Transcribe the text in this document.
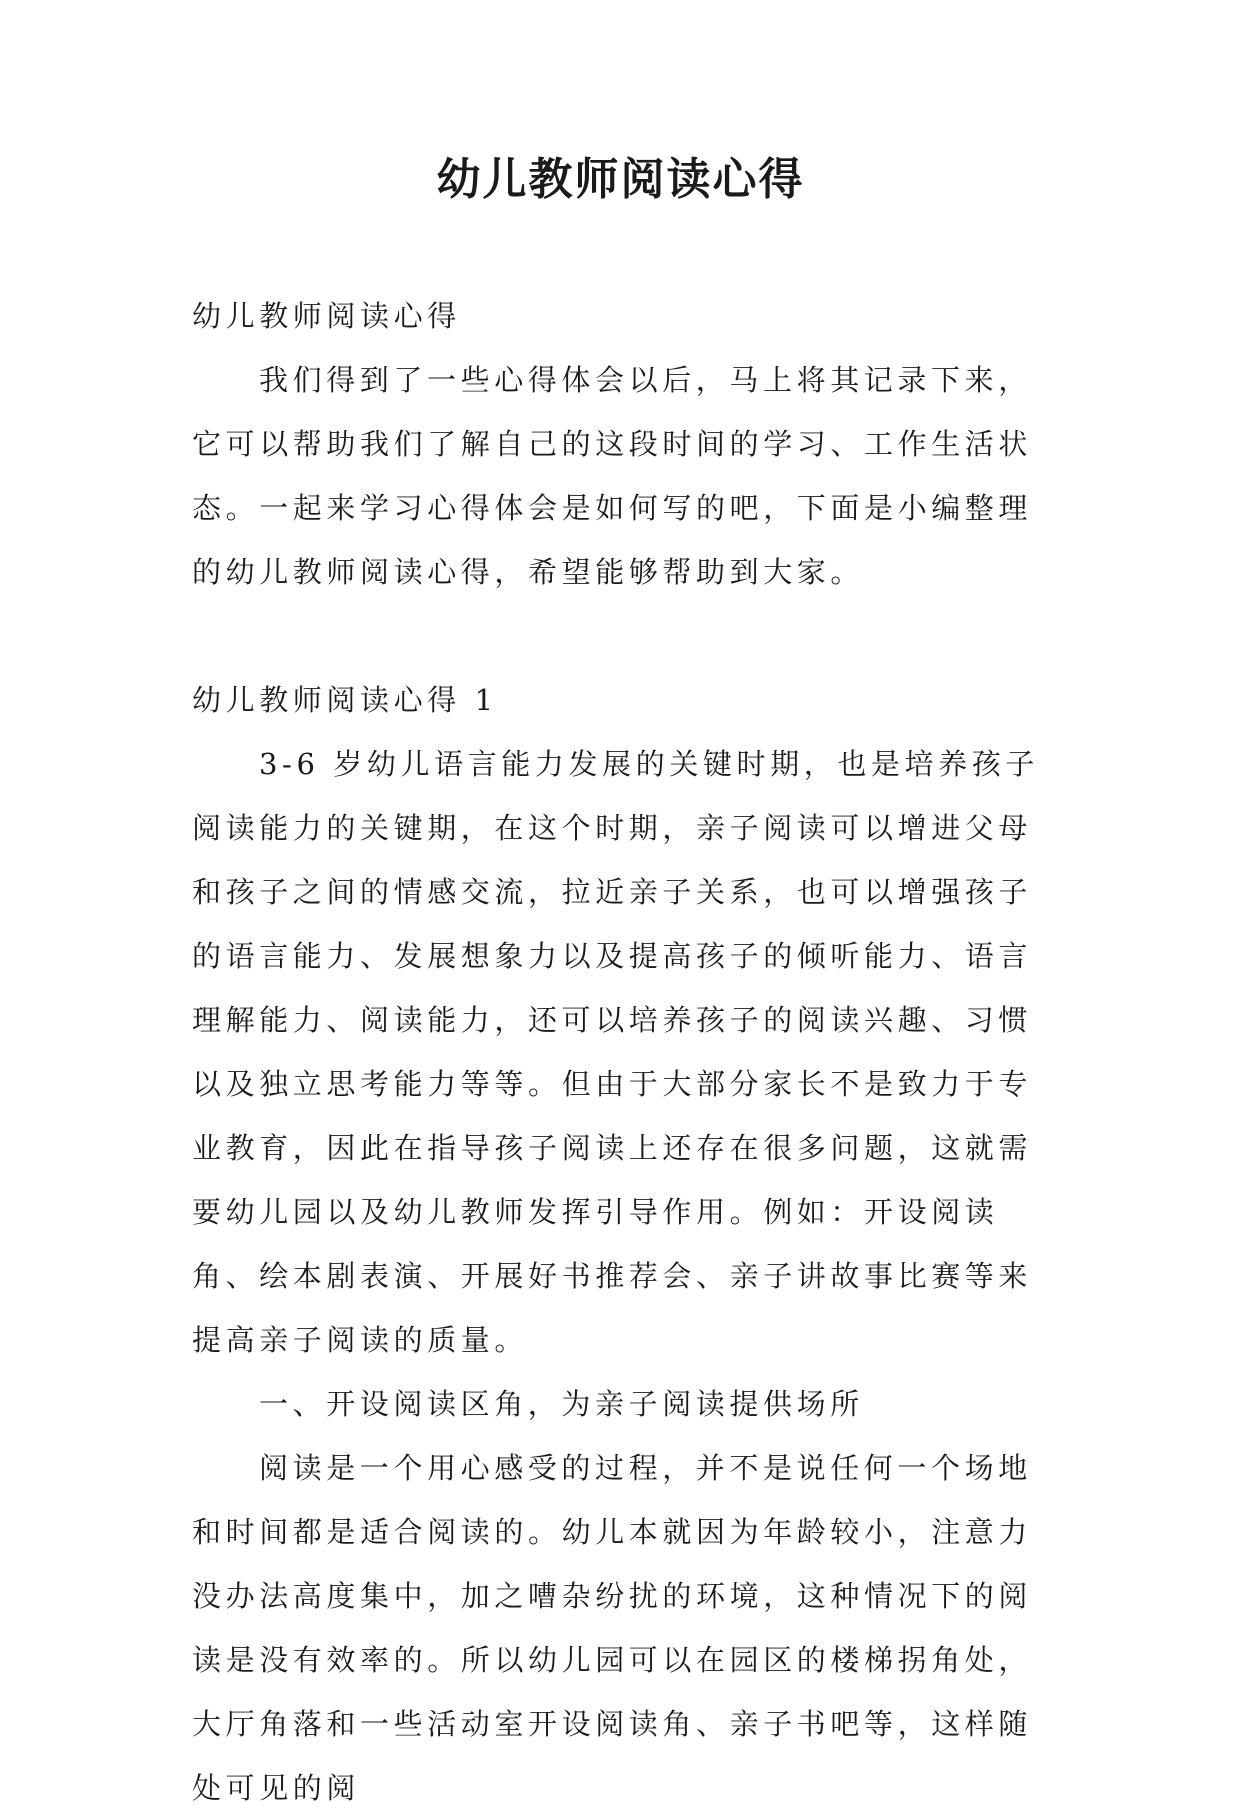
幼儿教师阅读心得

幼儿教师阅读心得

我们得到了一些心得体会以后，马上将其记录下来，它可以帮助我们了解自己的这段时间的学习、工作生活状态。一起来学习心得体会是如何写的吧，下面是小编整理的幼儿教师阅读心得，希望能够帮助到大家。

幼儿教师阅读心得 1

3-6 岁幼儿语言能力发展的关键时期，也是培养孩子阅读能力的关键期，在这个时期，亲子阅读可以增进父母和孩子之间的情感交流，拉近亲子关系，也可以增强孩子的语言能力、发展想象力以及提高孩子的倾听能力、语言理解能力、阅读能力，还可以培养孩子的阅读兴趣、习惯以及独立思考能力等等。但由于大部分家长不是致力于专业教育，因此在指导孩子阅读上还存在很多问题，这就需要幼儿园以及幼儿教师发挥引导作用。例如：开设阅读角、绘本剧表演、开展好书推荐会、亲子讲故事比赛等来提高亲子阅读的质量。

一、开设阅读区角，为亲子阅读提供场所

阅读是一个用心感受的过程，并不是说任何一个场地和时间都是适合阅读的。幼儿本就因为年龄较小，注意力没办法高度集中，加之嘈杂纷扰的环境，这种情况下的阅读是没有效率的。所以幼儿园可以在园区的楼梯拐角处，大厅角落和一些活动室开设阅读角、亲子书吧等，这样随处可见的阅
